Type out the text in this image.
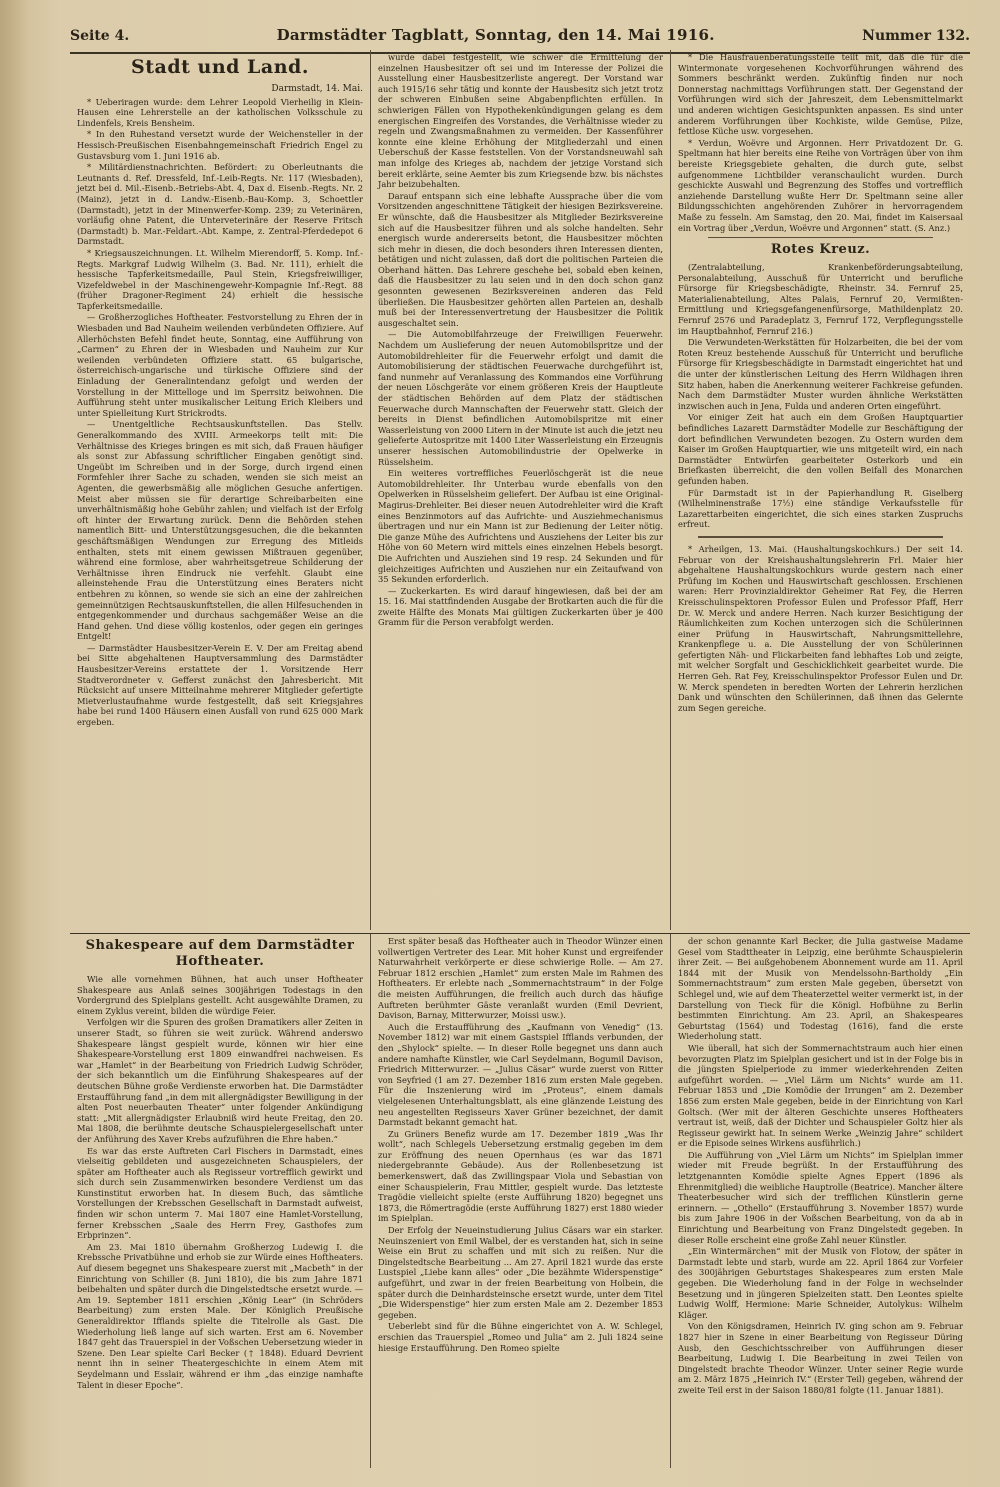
Seite 4.	Darmstädter Tagblatt, Sonntag, den 14. Mai 1916.	Nummer 132.
Stadt und Land.
Darmstadt, 14. Mai.

* Ueberiragen wurde: dem Lehrer Leopold Vierheilig in Klein-Hausen eine Lehrerstelle an der katholischen Volksschule zu Lindenfels, Kreis Bensheim.

* In den Ruhestand versetzt wurde der Weichensteller in der Hessisch-Preußischen Eisenbahngemeinschaft Friedrich Engel zu Gustavsburg vom 1. Juni 1916 ab.

* Militärdienstnachrichten. Befördert: zu Oberleutnants die Leutnants d. Ref. Dressfeld, Inf.-Leib-Regts. Nr. 117 (Wiesbaden), jetzt bei d. Mil.-Eisenb.-Betriebs-Abt. 4, Dax d. Eisenb.-Regts. Nr. 2 (Mainz), jetzt in d. Landw.-Eisenb.-Bau-Komp. 3, Schoettler (Darmstadt), jetzt in der Minenwerfer-Komp. 239; zu Veterinären, vorläufig ohne Patent, die Unterveterinäre der Reserve Fritsch (Darmstadt) b. Mar.-Feldart.-Abt. Kampe, z. Zentral-Pferdedepot 6 Darmstadt.

* Kriegsauszeichnungen. Lt. Wilhelm Mierendorff, 5. Komp. Inf.-Regts. Markgraf Ludwig Wilhelm (3. Bad. Nr. 111), erhielt die hessische Tapferkeitsmedaille, Paul Stein, Kriegsfreiwilliger, Vizefeldwebel in der Maschinengewehr-Kompagnie Inf.-Regt. 88 (früher Dragoner-Regiment 24) erhielt die hessische Tapferkeitsmedaille.

— Großherzogliches Hoftheater. Festvorstellung zu Ehren der in Wiesbaden und Bad Nauheim weilenden verbündeten Offiziere. Auf Allerhöchsten Befehl findet heute, Sonntag, eine Aufführung von „Carmen“ zu Ehren der in Wiesbaden und Nauheim zur Kur weilenden verbündeten Offiziere statt. 65 bulgarische, österreichisch-ungarische und türkische Offiziere sind der Einladung der Generalintendanz gefolgt und werden der Vorstellung in der Mittelloge und im Sperrsitz beiwohnen. Die Aufführung steht unter musikalischer Leitung Erich Kleibers und unter Spielleitung Kurt Strickrodts.

— Unentgeltliche Rechtsauskunftstellen. Das Stellv. Generalkommando des XVIII. Armeekorps teilt mit: Die Verhältnisse des Krieges bringen es mit sich, daß Frauen häufiger als sonst zur Abfassung schriftlicher Eingaben genötigt sind. Ungeübt im Schreiben und in der Sorge, durch irgend einen Formfehler ihrer Sache zu schaden, wenden sie sich meist an Agenten, die gewerbsmäßig alle möglichen Gesuche anfertigen. Meist aber müssen sie für derartige Schreibarbeiten eine unverhältnismäßig hohe Gebühr zahlen; und vielfach ist der Erfolg oft hinter der Erwartung zurück. Denn die Behörden stehen namentlich Bitt- und Unterstützungsgesuchen, die die bekannten geschäftsmäßigen Wendungen zur Erregung des Mitleids enthalten, stets mit einem gewissen Mißtrauen gegenüber, während eine formlose, aber wahrheitsgetreue Schilderung der Verhältnisse ihren Eindruck nie verfehlt. Glaubt eine alleinstehende Frau die Unterstützung eines Beraters nicht entbehren zu können, so wende sie sich an eine der zahlreichen gemeinnützigen Rechtsauskunftstellen, die allen Hilfesuchenden in entgegenkommender und durchaus sachgemäßer Weise an die Hand gehen. Und diese völlig kostenlos, oder gegen ein geringes Entgelt!

— Darmstädter Hausbesitzer-Verein E. V. Der am Freitag abend bei Sitte abgehaltenen Hauptversammlung des Darmstädter Hausbesitzer-Vereins erstattete der 1. Vorsitzende Herr Stadtverordneter v. Gefferst zunächst den Jahresbericht. Mit Rücksicht auf unsere Mitteilnahme mehrerer Mitglieder gefertigte Mietverlustaufnahme wurde festgestellt, daß seit Kriegsjahres habe bei rund 1400 Häusern einen Ausfall von rund 625 000 Mark ergeben.

wurde dabei festgestellt, wie schwer die Ermittelung der einzelnen Hausbesitzer oft sei und im Interesse der Polizei die Ausstellung einer Hausbesitzerliste angeregt. Der Vorstand war auch 1915/16 sehr tätig und konnte der Hausbesitz sich jetzt trotz der schweren Einbußen seine Abgabenpflichten erfüllen. In schwierigen Fällen von Hypothekenkündigungen gelang es dem energischen Eingreifen des Vorstandes, die Verhältnisse wieder zu regeln und Zwangsmaßnahmen zu vermeiden. Der Kassenführer konnte eine kleine Erhöhung der Mitgliederzahl und einen Ueberschuß der Kasse feststellen. Von der Vorstandsneuwahl sah man infolge des Krieges ab, nachdem der jetzige Vorstand sich bereit erklärte, seine Aemter bis zum Kriegsende bzw. bis nächstes Jahr beizubehalten.

Darauf entspann sich eine lebhafte Aussprache über die vom Vorsitzenden angeschnittene Tätigkeit der hiesigen Bezirksvereine. Er wünschte, daß die Hausbesitzer als Mitglieder Bezirksvereine sich auf die Hausbesitzer führen und als solche handelten. Sehr energisch wurde andererseits betont, die Hausbesitzer möchten sich mehr in diesen, die doch besonders ihren Interessen dienten, betätigen und nicht zulassen, daß dort die politischen Parteien die Oberhand hätten. Das Lehrere geschehe bei, sobald eben keinen, daß die Hausbesitzer zu lau seien und in den doch schon ganz gesonnten gewesenen Bezirksvereinen anderen das Feld überließen. Die Hausbesitzer gehörten allen Parteien an, deshalb muß bei der Interessenvertretung der Hausbesitzer die Politik ausgeschaltet sein.

— Die Automobilfahrzeuge der Freiwilligen Feuerwehr. Nachdem um Auslieferung der neuen Automobilspritze und der Automobildrehleiter für die Feuerwehr erfolgt und damit die Automobilisierung der städtischen Feuerwache durchgeführt ist, fand nunmehr auf Veranlassung des Kommandos eine Vorführung der neuen Löschgeräte vor einem größeren Kreis der Hauptleute der städtischen Behörden auf dem Platz der städtischen Feuerwache durch Mannschaften der Feuerwehr statt. Gleich der bereits in Dienst befindlichen Automobilspritze mit einer Wasserleistung von 2000 Litern in der Minute ist auch die jetzt neu gelieferte Autospritze mit 1400 Liter Wasserleistung ein Erzeugnis unserer hessischen Automobilindustrie der Opelwerke in Rüsselsheim.

Ein weiteres vortreffliches Feuerlöschgerät ist die neue Automobildrehleiter. Ihr Unterbau wurde ebenfalls von den Opelwerken in Rüsselsheim geliefert. Der Aufbau ist eine Original-Magirus-Drehleiter. Bei dieser neuen Autodrehleiter wird die Kraft eines Benzinmotors auf das Aufrichte- und Ausziehmechanismus übertragen und nur ein Mann ist zur Bedienung der Leiter nötig. Die ganze Mühe des Aufrichtens und Ausziehens der Leiter bis zur Höhe von 60 Metern wird mittels eines einzelnen Hebels besorgt. Die Aufrichten und Ausziehen sind 19 resp. 24 Sekunden und für gleichzeitiges Aufrichten und Ausziehen nur ein Zeitaufwand von 35 Sekunden erforderlich.

— Zuckerkarten. Es wird darauf hingewiesen, daß bei der am 15. 16. Mai stattfindenden Ausgabe der Brotkarten auch die für die zweite Hälfte des Monats Mai gültigen Zuckerkarten über je 400 Gramm für die Person verabfolgt werden.

* Die Hausfrauenberatungsstelle teilt mit, daß die für die Wintermonate vorgesehenen Kochvorführungen während des Sommers beschränkt werden. Zukünftig finden nur noch Donnerstag nachmittags Vorführungen statt. Der Gegenstand der Vorführungen wird sich der Jahreszeit, dem Lebensmittelmarkt und anderen wichtigen Gesichtspunkten anpassen. Es sind unter anderem Vorführungen über Kochkiste, wilde Gemüse, Pilze, fettlose Küche usw. vorgesehen.

* Verdun, Woëvre und Argonnen. Herr Privatdozent Dr. G. Speltmann hat hier bereits eine Reihe von Vorträgen über von ihm bereiste Kriegsgebiete gehalten, die durch gute, selbst aufgenommene Lichtbilder veranschaulicht wurden. Durch geschickte Auswahl und Begrenzung des Stoffes und vortrefflich anziehende Darstellung wußte Herr Dr. Speltmann seine aller Bildungsschichten angehörenden Zuhörer in hervorragendem Maße zu fesseln. Am Samstag, den 20. Mai, findet im Kaisersaal ein Vortrag über „Verdun, Woëvre und Argonnen“ statt. (S. Anz.)

Rotes Kreuz.

(Zentralabteilung, Krankenbeförderungsabteilung, Personalabteilung, Ausschuß für Unterricht und berufliche Fürsorge für Kriegsbeschädigte, Rheinstr. 34. Fernruf 25, Materialienabteilung, Altes Palais, Fernruf 20, Vermißten-Ermittlung und Kriegsgefangenenfürsorge, Mathildenplatz 20. Fernruf 2576 und Paradeplatz 3, Fernruf 172, Verpflegungsstelle im Hauptbahnhof, Fernruf 216.)

Die Verwundeten-Werkstätten für Holzarbeiten, die bei der vom Roten Kreuz bestehende Ausschuß für Unterricht und berufliche Fürsorge für Kriegsbeschädigte in Darmstadt eingerichtet hat und die unter der künstlerischen Leitung des Herrn Wildhagen ihren Sitz haben, haben die Anerkennung weiterer Fachkreise gefunden. Nach dem Darmstädter Muster wurden ähnliche Werkstätten inzwischen auch in Jena, Fulda und anderen Orten eingeführt.

Vor einiger Zeit hat auch ein dem Großen Hauptquartier befindliches Lazarett Darmstädter Modelle zur Beschäftigung der dort befindlichen Verwundeten bezogen. Zu Ostern wurden dem Kaiser im Großen Hauptquartier, wie uns mitgeteilt wird, ein nach Darmstädter Entwürfen gearbeiteter Osterkorb und ein Briefkasten überreicht, die den vollen Beifall des Monarchen gefunden haben.

Für Darmstadt ist in der Papierhandlung R. Giselberg (Wilhelminenstraße 17½) eine ständige Verkaufsstelle für Lazarettarbeiten eingerichtet, die sich eines starken Zuspruchs erfreut.

* Arheilgen, 13. Mai. (Haushaltungskochkurs.) Der seit 14. Februar von der Kreishaushaltungslehrerin Frl. Maier hier abgehaltene Haushaltungskochkurs wurde gestern nach einer Prüfung im Kochen und Hauswirtschaft geschlossen. Erschienen waren: Herr Provinzialdirektor Geheimer Rat Fey, die Herren Kreisschulinspektoren Professor Eulen und Professor Pfaff, Herr Dr. W. Merck und andere Herren. Nach kurzer Besichtigung der Räumlichkeiten zum Kochen unterzogen sich die Schülerinnen einer Prüfung in Hauswirtschaft, Nahrungsmittellehre, Krankenpflege u. a. Die Ausstellung der von Schülerinnen gefertigten Näh- und Flickarbeiten fand lebhaftes Lob und zeigte, mit welcher Sorgfalt und Geschicklichkeit gearbeitet wurde. Die Herren Geh. Rat Fey, Kreisschulinspektor Professor Eulen und Dr. W. Merck spendeten in beredten Worten der Lehrerin herzlichen Dank und wünschten den Schülerinnen, daß ihnen das Gelernte zum Segen gereiche.

Shakespeare auf dem Darmstädter Hoftheater.

Wie alle vornehmen Bühnen, hat auch unser Hoftheater Shakespeare aus Anlaß seines 300jährigen Todestags in den Vordergrund des Spielplans gestellt. Acht ausgewählte Dramen, zu einem Zyklus vereint, bilden die würdige Feier.

Verfolgen wir die Spuren des großen Dramatikers aller Zeiten in unserer Stadt, so führen sie weit zurück. Während anderswo Shakespeare längst gespielt wurde, können wir hier eine Shakespeare-Vorstellung erst 1809 einwandfrei nachweisen. Es war „Hamlet“ in der Bearbeitung von Friedrich Ludwig Schröder, der sich bekanntlich um die Einführung Shakespeares auf der deutschen Bühne große Verdienste erworben hat. Die Darmstädter Erstaufführung fand „in dem mit allergnädigster Bewilligung in der alten Post neuerbauten Theater“ unter folgender Ankündigung statt: „Mit allergnädigster Erlaubniß wird heute Freitag, den 20. Mai 1808, die berühmte deutsche Schauspielergesellschaft unter der Anführung des Xaver Krebs aufzuführen die Ehre haben.“

Es war das erste Auftreten Carl Fischers in Darmstadt, eines vielseitig gebildeten und ausgezeichneten Schauspielers, der später am Hoftheater auch als Regisseur vortrefflich gewirkt und sich durch sein Zusammenwirken besondere Verdienst um das Kunstinstitut erworben hat. In diesem Buch, das sämtliche Vorstellungen der Krebsschen Gesellschaft in Darmstadt aufweist, finden wir schon unterm 7. Mai 1807 eine Hamlet-Vorstellung, ferner Krebsschen „Saale des Herrn Frey, Gasthofes zum Erbprinzen“.

Am 23. Mai 1810 übernahm Großherzog Ludewig I. die Krebssche Privatbühne und erhob sie zur Würde eines Hoftheaters. Auf diesem begegnet uns Shakespeare zuerst mit „Macbeth“ in der Einrichtung von Schiller (8. Juni 1810), die bis zum Jahre 1871 beibehalten und später durch die Dingelstedtsche ersetzt wurde. — Am 19. September 1811 erschien „König Lear“ (in Schröders Bearbeitung) zum ersten Male. Der Königlich Preußische Generaldirektor Ifflands spielte die Titelrolle als Gast. Die Wiederholung ließ lange auf sich warten. Erst am 6. November 1847 geht das Trauerspiel in der Voßschen Uebersetzung wieder in Szene. Den Lear spielte Carl Becker († 1848). Eduard Devrient nennt ihn in seiner Theatergeschichte in einem Atem mit Seydelmann und Esslair, während er ihm „das einzige namhafte Talent in dieser Epoche“.

Erst später besaß das Hoftheater auch in Theodor Wünzer einen vollwertigen Vertreter des Lear. Mit hoher Kunst und ergreifender Naturwahrheit verkörperte er diese schwierige Rolle. — Am 27. Februar 1812 erschien „Hamlet“ zum ersten Male im Rahmen des Hoftheaters. Er erlebte nach „Sommernachtstraum“ in der Folge die meisten Aufführungen, die freilich auch durch das häufige Auftreten berühmter Gäste veranlaßt wurden (Emil Devrient, Davison, Barnay, Mitterwurzer, Moissi usw.).

Auch die Erstaufführung des „Kaufmann von Venedig“ (13. November 1812) war mit einem Gastspiel Ifflands verbunden, der den „Shylock“ spielte. — In dieser Rolle begegnet uns dann auch andere namhafte Künstler, wie Carl Seydelmann, Bogumil Davison, Friedrich Mitterwurzer. — „Julius Cäsar“ wurde zuerst von Ritter von Seyfried (1 am 27. Dezember 1816 zum ersten Male gegeben. Für die Inszenierung wird im „Proteus“, einem damals vielgelesenen Unterhaltungsblatt, als eine glänzende Leistung des neu angestellten Regisseurs Xaver Grüner bezeichnet, der damit Darmstadt bekannt gemacht hat.

Zu Grüners Benefiz wurde am 17. Dezember 1819 „Was Ihr wollt“, nach Schlegels Uebersetzung erstmalig gegeben im dem zur Eröffnung des neuen Opernhaus (es war das 1871 niedergebrannte Gebäude). Aus der Rollenbesetzung ist bemerkenswert, daß das Zwillingspaar Viola und Sebastian von einer Schauspielerin, Frau Mittler, gespielt wurde. Das letzteste Tragödie vielleicht spielte (erste Aufführung 1820) begegnet uns 1873, die Römertragödie (erste Aufführung 1827) erst 1880 wieder im Spielplan.

Der Erfolg der Neueinstudierung Julius Cäsars war ein starker. Neuinszeniert von Emil Walbel, der es verstanden hat, sich in seine Weise ein Brut zu schaffen und mit sich zu reißen. Nur die Dingelstedtsche Bearbeitung ... Am 27. April 1821 wurde das erste Lustspiel „Liebe kann alles“ oder „Die bezähmte Widerspenstige“ aufgeführt, und zwar in der freien Bearbeitung von Holbein, die später durch die Deinhardsteinsche ersetzt wurde, unter dem Titel „Die Widerspenstige“ hier zum ersten Male am 2. Dezember 1853 gegeben.

Ueberlebt sind für die Bühne eingerichtet von A. W. Schlegel, erschien das Trauerspiel „Romeo und Julia“ am 2. Juli 1824 seine hiesige Erstaufführung. Den Romeo spielte

der schon genannte Karl Becker, die Julia gastweise Madame Gesel vom Stadttheater in Leipzig, eine berühmte Schauspielerin ihrer Zeit. — Bei außgehobenem Abonnement wurde am 11. April 1844 mit der Musik von Mendelssohn-Bartholdy „Ein Sommernachtstraum“ zum ersten Male gegeben, übersetzt von Schlegel und, wie auf dem Theaterzettel weiter vermerkt ist, in der Darstellung von Tieck für die Königl. Hofbühne zu Berlin bestimmten Einrichtung. Am 23. April, an Shakespeares Geburtstag (1564) und Todestag (1616), fand die erste Wiederholung statt.

Wie überall, hat sich der Sommernachtstraum auch hier einen bevorzugten Platz im Spielplan gesichert und ist in der Folge bis in die jüngsten Spielperiode zu immer wiederkehrenden Zeiten aufgeführt worden. — „Viel Lärm um Nichts“ wurde am 11. Februar 1853 und „Die Komödie der Irrungen“ am 2. Dezember 1856 zum ersten Male gegeben, beide in der Einrichtung von Karl Goltsch. (Wer mit der älteren Geschichte unseres Hoftheaters vertraut ist, weiß, daß der Dichter und Schauspieler Goltz hier als Regisseur gewirkt hat. In seinem Werke „Weinzig Jahre“ schildert er die Episode seines Wirkens ausführlich.)

Die Aufführung von „Viel Lärm um Nichts“ im Spielplan immer wieder mit Freude begrüßt. In der Erstaufführung des letztgenannten Komödie spielte Agnes Eppert (1896 als Ehrenmitglied) die weibliche Hauptrolle (Beatrice). Mancher ältere Theaterbesucher wird sich der trefflichen Künstlerin gerne erinnern. — „Othello“ (Erstaufführung 3. November 1857) wurde bis zum Jahre 1906 in der Voßschen Bearbeitung, von da ab in Einrichtung und Bearbeitung von Franz Dingelstedt gegeben. In dieser Rolle erscheint eine große Zahl neuer Künstler.

„Ein Wintermärchen“ mit der Musik von Flotow, der später in Darmstadt lebte und starb, wurde am 22. April 1864 zur Vorfeier des 300jährigen Geburtstages Shakespeares zum ersten Male gegeben. Die Wiederholung fand in der Folge in wechselnder Besetzung und in jüngeren Spielzeiten statt. Den Leontes spielte Ludwig Wolff, Hermione: Marie Schneider, Autolykus: Wilhelm Kläger.

Von den Königsdramen, Heinrich IV. ging schon am 9. Februar 1827 hier in Szene in einer Bearbeitung von Regisseur Düring Ausb, den Geschichtsschreiber von Aufführungen dieser Bearbeitung, Ludwig I. Die Bearbeitung in zwei Teilen von Dingelstedt brachte Theodor Wünzer. Unter seiner Regie wurde am 2. März 1875 „Heinrich IV.“ (Erster Teil) gegeben, während der zweite Teil erst in der Saison 1880/81 folgte (11. Januar 1881).
